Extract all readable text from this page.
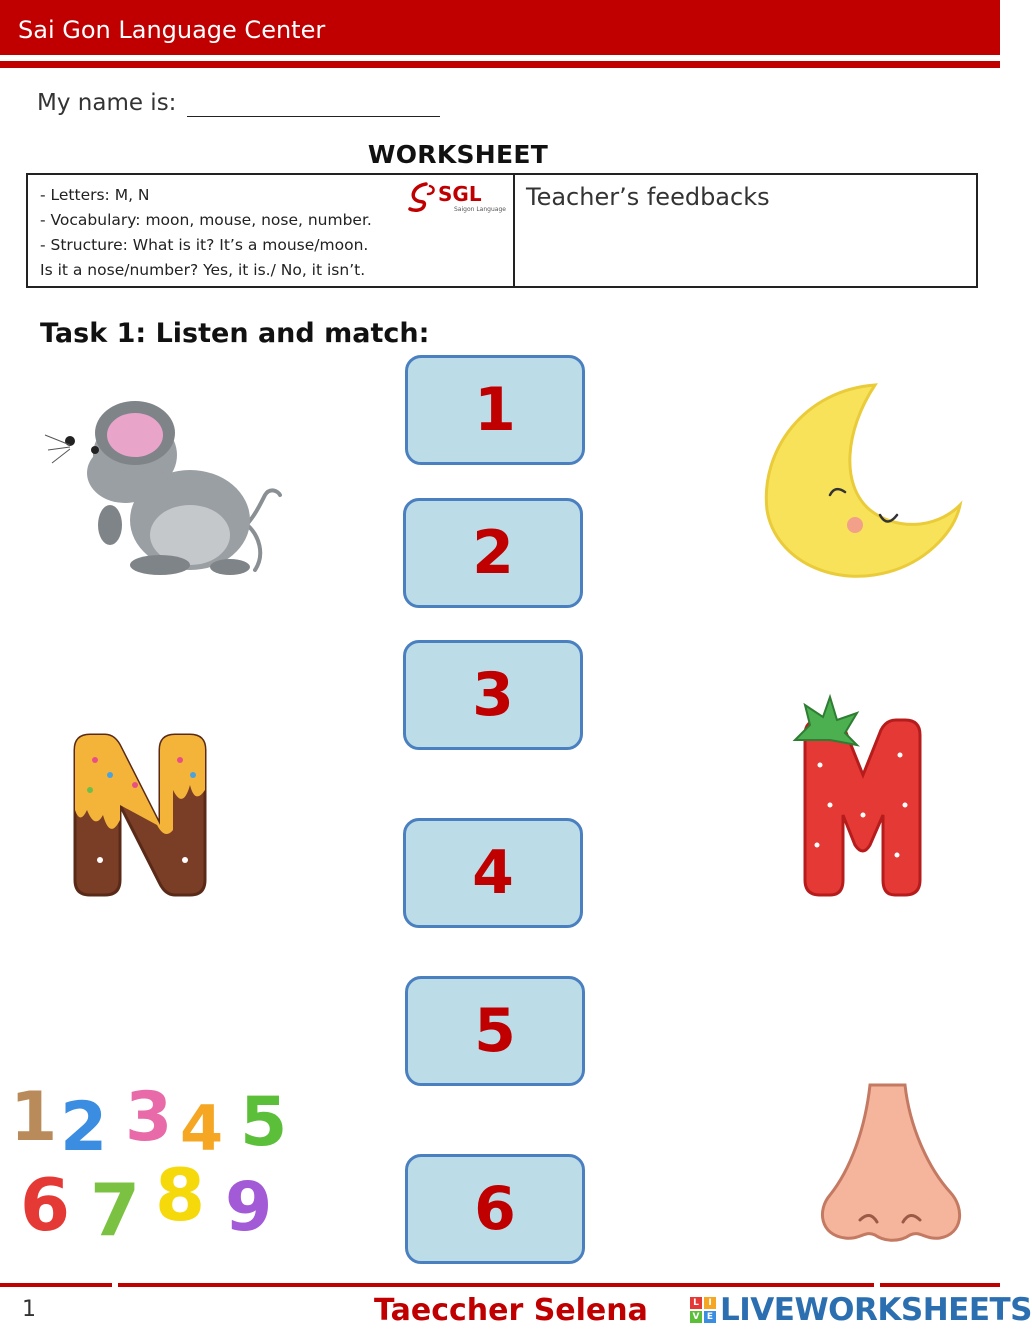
Sai Gon Language Center
My name is:
WORKSHEET
- Letters: M, N
- Vocabulary: moon, mouse, nose, number.
- Structure: What is it? It’s a mouse/moon.
Is it a nose/number? Yes, it is./ No, it isn’t.
SGL
Saigon Language Teacher’s feedbacks
Task 1: Listen and match:
1
2
3
4
5
6
1 2 3 4 5
6 7 8 9
1	Taeccher Selena	L	I
V E LIVEWORKSHEETS
